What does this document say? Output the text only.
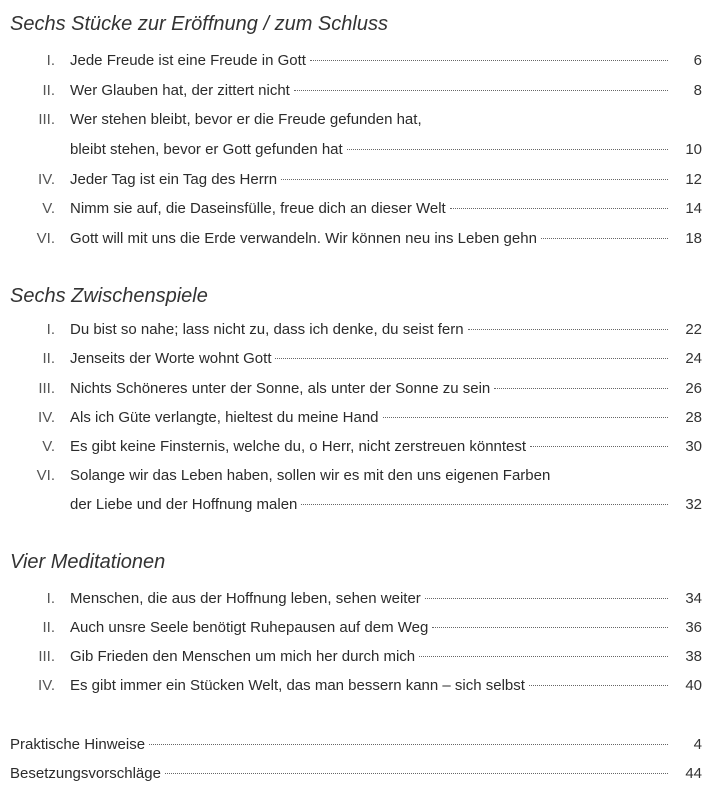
Sechs Stücke zur Eröffnung / zum Schluss
I. Jede Freude ist eine Freude in Gott	6
II. Wer Glauben hat, der zittert nicht	8
III. Wer stehen bleibt, bevor er die Freude gefunden hat,
bleibt stehen, bevor er Gott gefunden hat	10
IV. Jeder Tag ist ein Tag des Herrn	12
V. Nimm sie auf, die Daseinsfülle, freue dich an dieser Welt	14
VI. Gott will mit uns die Erde verwandeln. Wir können neu ins Leben gehn	18
Sechs Zwischenspiele
I. Du bist so nahe; lass nicht zu, dass ich denke, du seist fern	22
II. Jenseits der Worte wohnt Gott	24
III. Nichts Schöneres unter der Sonne, als unter der Sonne zu sein	26
IV. Als ich Güte verlangte, hieltest du meine Hand	28
V. Es gibt keine Finsternis, welche du, o Herr, nicht zerstreuen könntest	30
VI. Solange wir das Leben haben, sollen wir es mit den uns eigenen Farben
der Liebe und der Hoffnung malen	32
Vier Meditationen
I. Menschen, die aus der Hoffnung leben, sehen weiter	34
II. Auch unsre Seele benötigt Ruhepausen auf dem Weg	36
III. Gib Frieden den Menschen um mich her durch mich	38
IV. Es gibt immer ein Stücken Welt, das man bessern kann – sich selbst	40
Praktische Hinweise	4
Besetzungsvorschläge	44
